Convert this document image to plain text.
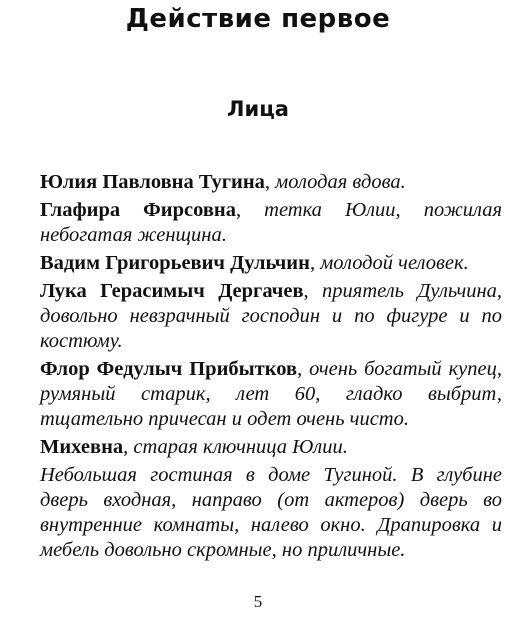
Действие первое
Лица

Юлия Павловна Тугина, молодая вдова.

Глафира Фирсовна, тетка Юлии, пожилая небогатая женщина.

Вадим Григорьевич Дульчин, молодой человек.

Лука Герасимыч Дергачев, приятель Дульчина, довольно невзрачный господин и по фигуре и по костюму.

Флор Федулыч Прибытков, очень богатый купец, румяный старик, лет 60, гладко выбрит, тщательно причесан и одет очень чисто.

Михевна, старая ключница Юлии.

Небольшая гостиная в доме Тугиной. В глубине дверь входная, направо (от актеров) дверь во внутренние комнаты, налево окно. Драпировка и мебель довольно скромные, но приличные.

5
